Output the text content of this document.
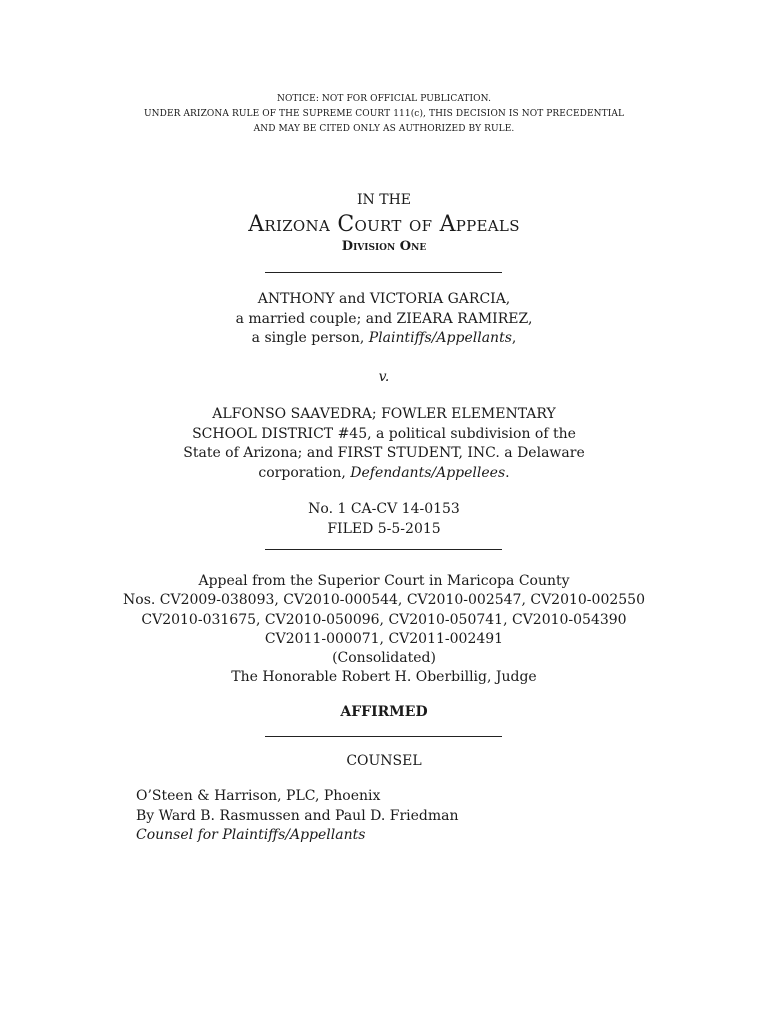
NOTICE: NOT FOR OFFICIAL PUBLICATION.
UNDER ARIZONA RULE OF THE SUPREME COURT 111(c), THIS DECISION IS NOT PRECEDENTIAL
AND MAY BE CITED ONLY AS AUTHORIZED BY RULE.
IN THE
Arizona Court of Appeals
Division One
ANTHONY and VICTORIA GARCIA,
a married couple; and ZIEARA RAMIREZ,
a single person, Plaintiffs/Appellants,
v.
ALFONSO SAAVEDRA; FOWLER ELEMENTARY
SCHOOL DISTRICT #45, a political subdivision of the
State of Arizona; and FIRST STUDENT, INC. a Delaware
corporation, Defendants/Appellees.
No. 1 CA-CV 14-0153
FILED 5-5-2015
Appeal from the Superior Court in Maricopa County
Nos. CV2009-038093, CV2010-000544, CV2010-002547, CV2010-002550
CV2010-031675, CV2010-050096, CV2010-050741, CV2010-054390
CV2011-000071, CV2011-002491
(Consolidated)
The Honorable Robert H. Oberbillig, Judge
AFFIRMED
COUNSEL
O’Steen & Harrison, PLC, Phoenix
By Ward B. Rasmussen and Paul D. Friedman
Counsel for Plaintiffs/Appellants
